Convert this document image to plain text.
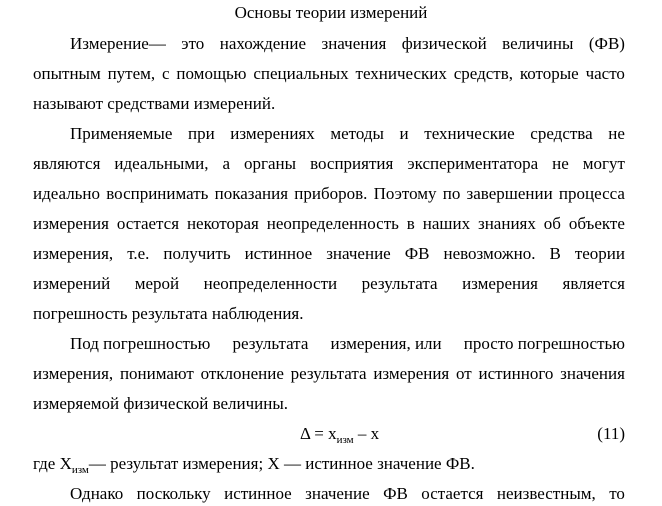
Основы теории измерений
Измерение— это нахождение значения физической величины (ФВ)
опытным путем, с помощью специальных технических средств, которые часто
называют средствами измерений.
Применяемые при измерениях методы и технические средства не
являются идеальными, а органы восприятия экспериментатора не могут
идеально воспринимать показания приборов. Поэтому по завершении процесса
измерения остается некоторая неопределенность в наших знаниях об объекте
измерения, т.е. получить истинное значение ФВ невозможно. В теории
измерений мерой неопределенности результата измерения является
погрешность результата наблюдения.
Под погрешностью результата измерения, или просто погрешностью
измерения, понимают отклонение результата измерения от истинного значения
измеряемой физической величины.
$\Delta = x_{изм} - x$	(11)
где $X_{изм}—$ результат измерения; X — истинное значение ФВ.
Однако поскольку истинное значение ФВ остается неизвестным, то
